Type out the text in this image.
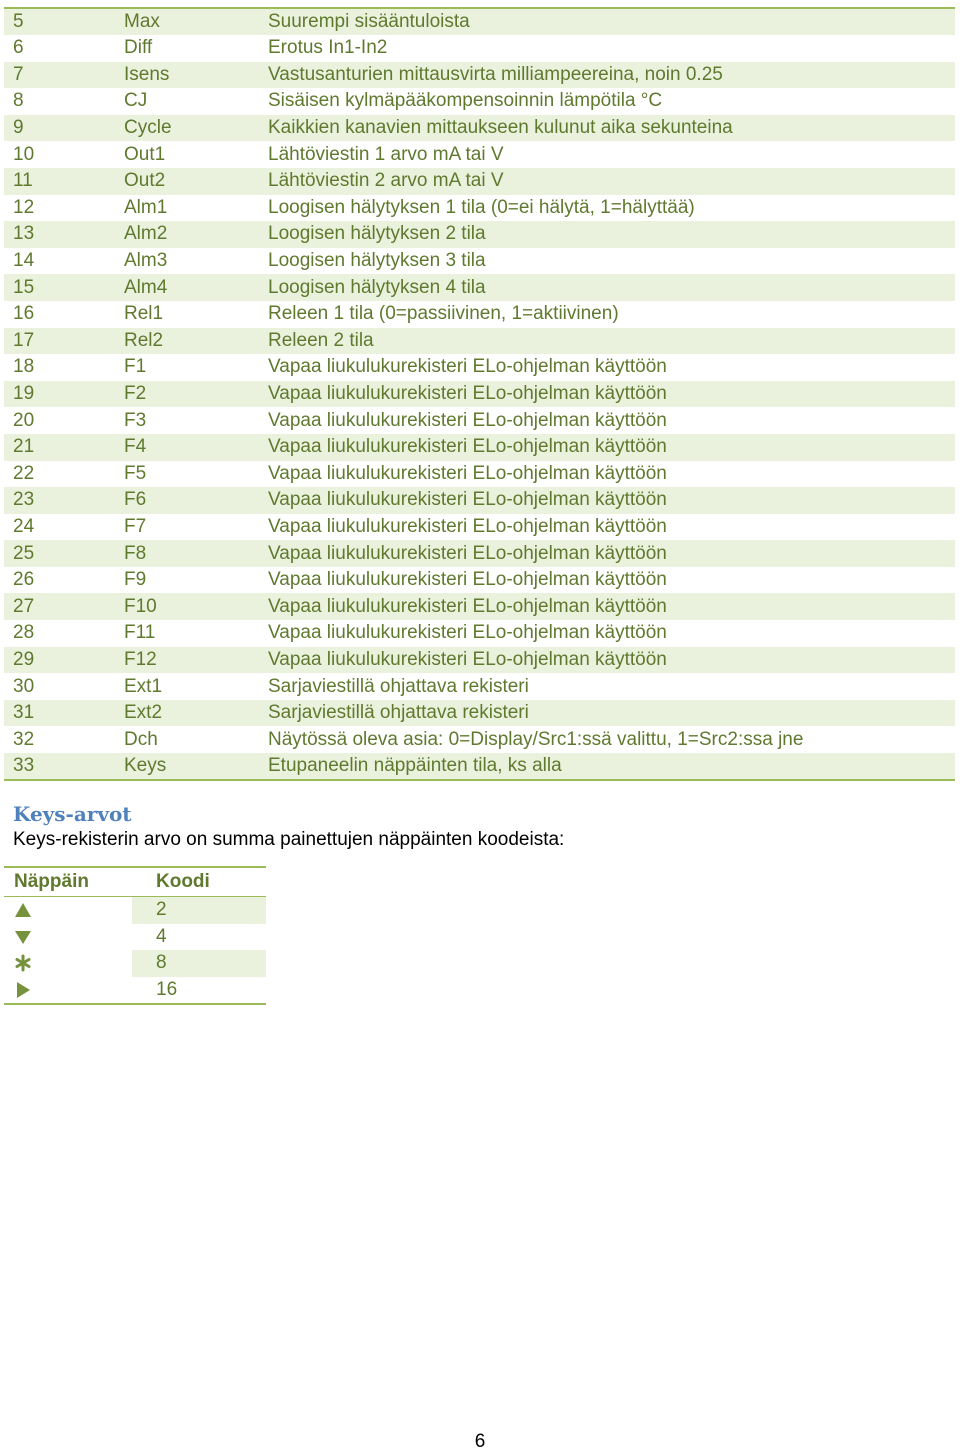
5	Max	Suurempi sisääntuloista
6	Diff	Erotus In1-In2
7	Isens	Vastusanturien mittausvirta milliampeereina, noin 0.25
8	CJ	Sisäisen kylmäpääkompensoinnin lämpötila °C
9	Cycle	Kaikkien kanavien mittaukseen kulunut aika sekunteina
10	Out1	Lähtöviestin 1 arvo mA tai V
11	Out2	Lähtöviestin 2 arvo mA tai V
12	Alm1	Loogisen hälytyksen 1 tila (0=ei hälytä, 1=hälyttää)
13	Alm2	Loogisen hälytyksen 2 tila
14	Alm3	Loogisen hälytyksen 3 tila
15	Alm4	Loogisen hälytyksen 4 tila
16	Rel1	Releen 1 tila (0=passiivinen, 1=aktiivinen)
17	Rel2	Releen 2 tila
18	F1	Vapaa liukulukurekisteri ELo-ohjelman käyttöön
19	F2	Vapaa liukulukurekisteri ELo-ohjelman käyttöön
20	F3	Vapaa liukulukurekisteri ELo-ohjelman käyttöön
21	F4	Vapaa liukulukurekisteri ELo-ohjelman käyttöön
22	F5	Vapaa liukulukurekisteri ELo-ohjelman käyttöön
23	F6	Vapaa liukulukurekisteri ELo-ohjelman käyttöön
24	F7	Vapaa liukulukurekisteri ELo-ohjelman käyttöön
25	F8	Vapaa liukulukurekisteri ELo-ohjelman käyttöön
26	F9	Vapaa liukulukurekisteri ELo-ohjelman käyttöön
27	F10	Vapaa liukulukurekisteri ELo-ohjelman käyttöön
28	F11	Vapaa liukulukurekisteri ELo-ohjelman käyttöön
29	F12	Vapaa liukulukurekisteri ELo-ohjelman käyttöön
30	Ext1	Sarjaviestillä ohjattava rekisteri
31	Ext2	Sarjaviestillä ohjattava rekisteri
32	Dch	Näytössä oleva asia: 0=Display/Src1:ssä valittu, 1=Src2:ssa jne
33	Keys	Etupaneelin näppäinten tila, ks alla
Keys-arvot

Keys-rekisterin arvo on summa painettujen näppäinten koodeista:

Näppäin	Koodi
	2
	4
	8
	16
6
